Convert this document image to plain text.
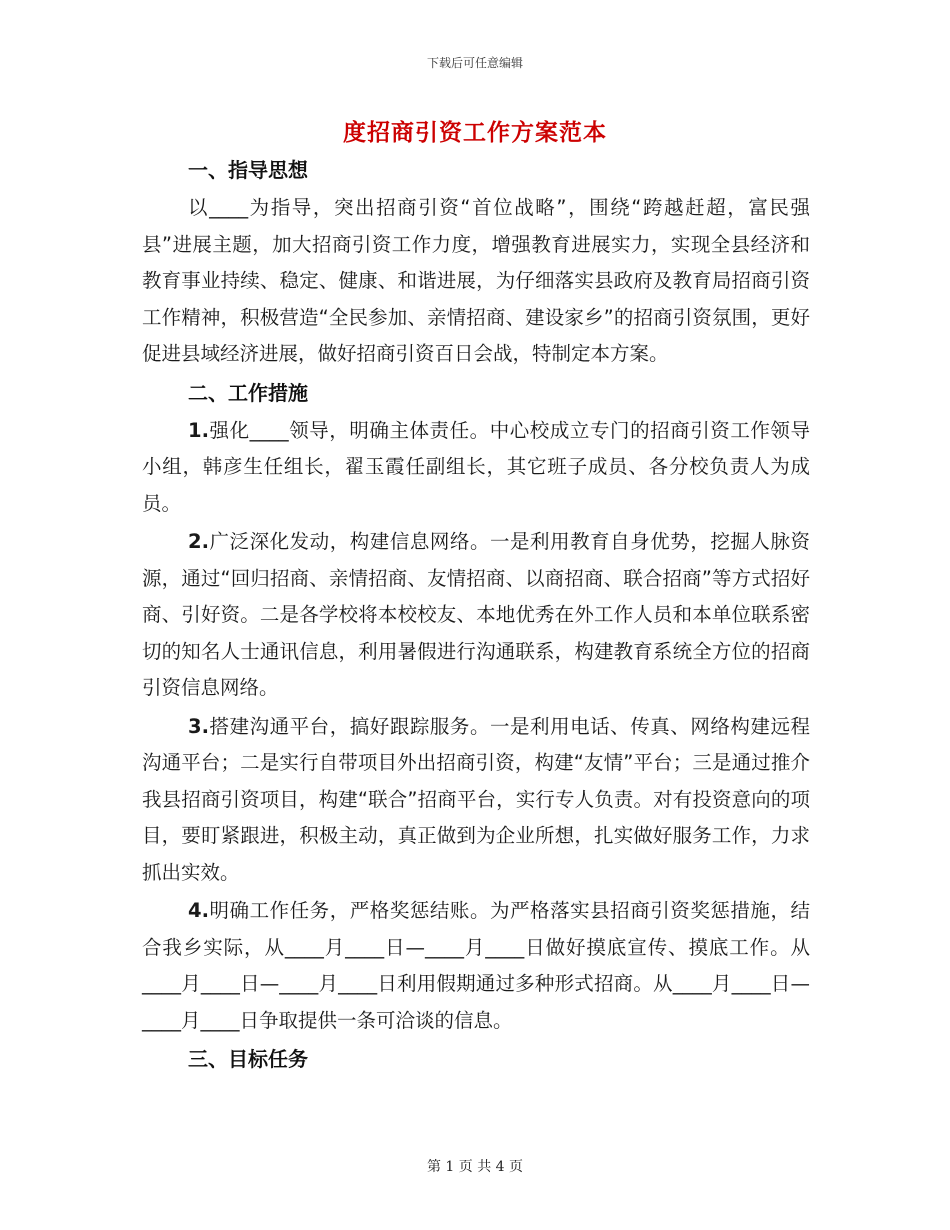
下载后可任意编辑
度招商引资工作方案范本
一、指导思想

以____为指导，突出招商引资“首位战略”，围绕“跨越赶超，富民强县”进展主题，加大招商引资工作力度，增强教育进展实力，实现全县经济和教育事业持续、稳定、健康、和谐进展，为仔细落实县政府及教育局招商引资工作精神，积极营造“全民参加、亲情招商、建设家乡”的招商引资氛围，更好促进县域经济进展，做好招商引资百日会战，特制定本方案。

二、工作措施

1.强化____领导，明确主体责任。中心校成立专门的招商引资工作领导小组，韩彦生任组长，翟玉霞任副组长，其它班子成员、各分校负责人为成员。

2.广泛深化发动，构建信息网络。一是利用教育自身优势，挖掘人脉资源，通过“回归招商、亲情招商、友情招商、以商招商、联合招商”等方式招好商、引好资。二是各学校将本校校友、本地优秀在外工作人员和本单位联系密切的知名人士通讯信息，利用暑假进行沟通联系，构建教育系统全方位的招商引资信息网络。

3.搭建沟通平台，搞好跟踪服务。一是利用电话、传真、网络构建远程沟通平台；二是实行自带项目外出招商引资，构建“友情”平台；三是通过推介我县招商引资项目，构建“联合”招商平台，实行专人负责。对有投资意向的项目，要盯紧跟进，积极主动，真正做到为企业所想，扎实做好服务工作，力求抓出实效。

4.明确工作任务，严格奖惩结账。为严格落实县招商引资奖惩措施，结合我乡实际，从____月____日—____月____日做好摸底宣传、摸底工作。从____月____日—____月____日利用假期通过多种形式招商。从____月____日—____月____日争取提供一条可洽谈的信息。

三、目标任务
第 1 页 共 4 页
